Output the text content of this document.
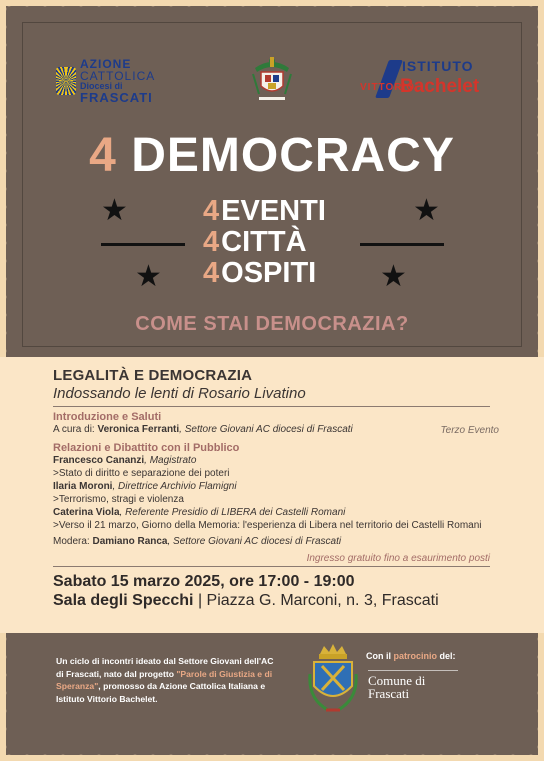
AZIONE
CATTOLICA
Diocesi di
FRASCATI
ISTITUTO
VITTORIO
Bachelet
4 DEMOCRACY
★	★
★	★
4EVENTI
4CITTÀ
4OSPITI
COME STAI DEMOCRAZIA?
LEGALITÀ E DEMOCRAZIA
Indossando le lenti di Rosario Livatino
Terzo Evento
Introduzione e Saluti
A cura di: Veronica Ferranti, Settore Giovani AC diocesi di Frascati
Relazioni e Dibattito con il Pubblico
Francesco Cananzi, Magistrato
>Stato di diritto e separazione dei poteri
Ilaria Moroni, Direttrice Archivio Flamigni
>Terrorismo, stragi e violenza
Caterina Viola, Referente Presidio di LIBERA dei Castelli Romani
>Verso il 21 marzo, Giorno della Memoria: l'esperienza di Libera nel territorio dei Castelli Romani
Modera: Damiano Ranca, Settore Giovani AC diocesi di Frascati
Ingresso gratuito fino a esaurimento posti
Sabato 15 marzo 2025, ore 17:00 - 19:00
Sala degli Specchi | Piazza G. Marconi, n. 3, Frascati
Un ciclo di incontri ideato dal Settore Giovani dell'AC di Frascati, nato dal progetto "Parole di Giustizia e di Speranza", promosso da Azione Cattolica Italiana e Istituto Vittorio Bachelet.
Con il patrocinio del:
Comune di
Frascati
